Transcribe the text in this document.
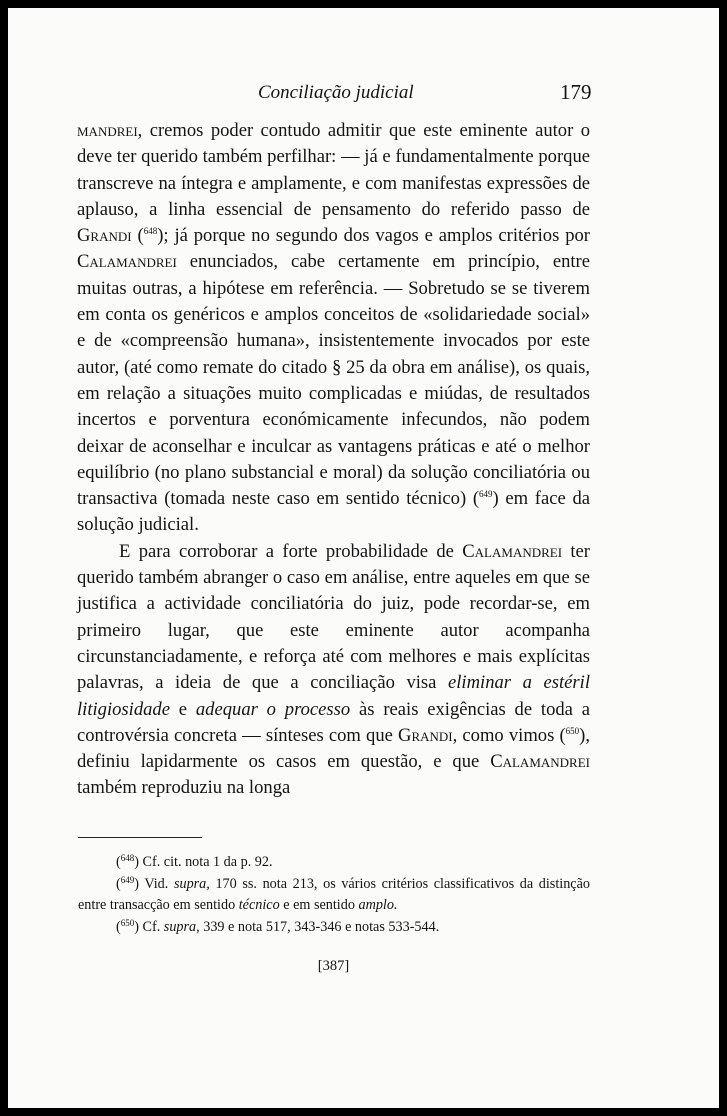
Conciliação judicial	179

mandrei, cremos poder contudo admitir que este eminente autor o deve ter querido também perfilhar: — já e fundamentalmente porque transcreve na íntegra e amplamente, e com manifestas expressões de aplauso, a linha essencial de pensamento do referido passo de Grandi ($^{648}$); já porque no segundo dos vagos e amplos critérios por Calamandrei enunciados, cabe certamente em princípio, entre muitas outras, a hipótese em referência. — Sobretudo se se tiverem em conta os genéricos e amplos conceitos de «solidariedade social» e de «compreensão humana», insistentemente invocados por este autor, (até como remate do citado § 25 da obra em análise), os quais, em relação a situações muito complicadas e miúdas, de resultados incertos e porventura económicamente infecundos, não podem deixar de aconselhar e inculcar as vantagens práticas e até o melhor equilíbrio (no plano substancial e moral) da solução conciliatória ou transactiva (tomada neste caso em sentido técnico) ($^{649}$) em face da solução judicial.

E para corroborar a forte probabilidade de Calamandrei ter querido também abranger o caso em análise, entre aqueles em que se justifica a actividade conciliatória do juiz, pode recordar-se, em primeiro lugar, que este eminente autor acompanha circunstanciadamente, e reforça até com melhores e mais explícitas palavras, a ideia de que a conciliação visa eliminar a estéril litigiosidade e adequar o processo às reais exigências de toda a controvérsia concreta — sínteses com que Grandi, como vimos ($^{650}$), definiu lapidarmente os casos em questão, e que Calamandrei também reproduziu na longa

($^{648}$) Cf. cit. nota 1 da p. 92.

($^{649}$) Vid. supra, 170 ss. nota 213, os vários critérios classificativos da distinção entre transacção em sentido técnico e em sentido amplo.

($^{650}$) Cf. supra, 339 e nota 517, 343-346 e notas 533-544.

[387]
